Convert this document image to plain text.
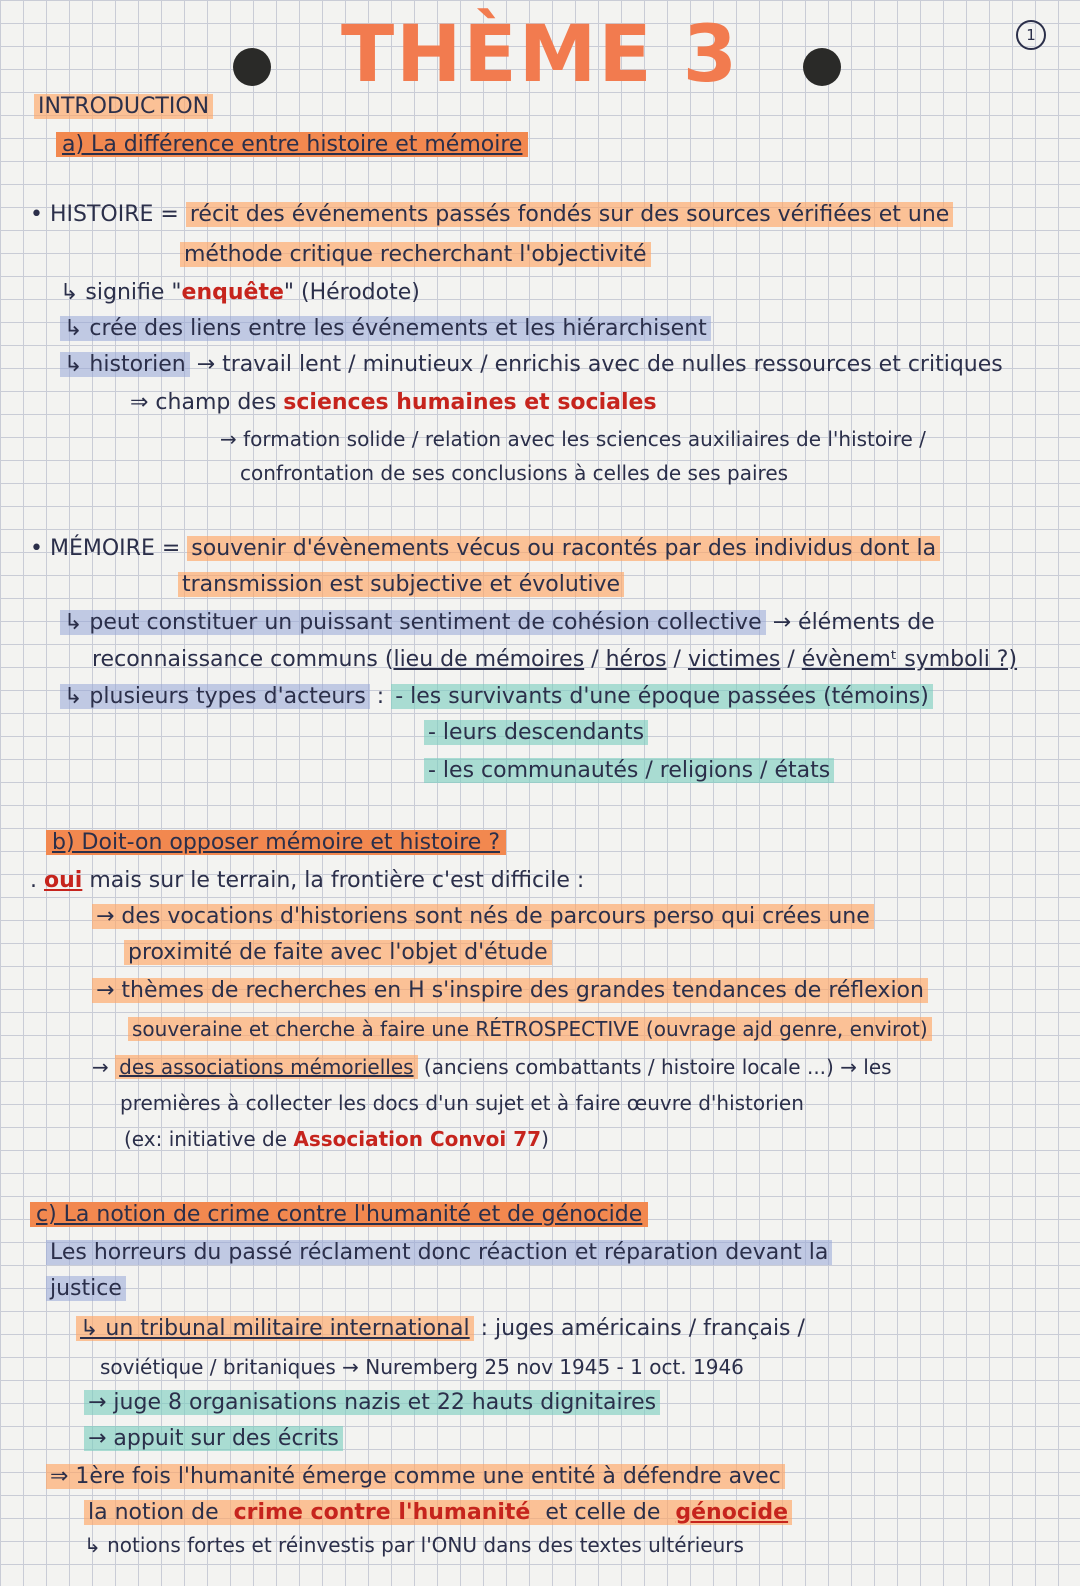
THÈME 3	1
INTRODUCTION
a) La différence entre histoire et mémoire
• HISTOIRE = récit des événements passés fondés sur des sources vérifiées et une
méthode critique recherchant l'objectivité
↳ signifie "enquête" (Hérodote)
↳ crée des liens entre les événements et les hiérarchisent
↳ historien → travail lent / minutieux / enrichis avec de nulles ressources et critiques
⇒ champ des sciences humaines et sociales
→ formation solide / relation avec les sciences auxiliaires de l'histoire /
confrontation de ses conclusions à celles de ses paires
• MÉMOIRE = souvenir d'évènements vécus ou racontés par des individus dont la
transmission est subjective et évolutive
↳ peut constituer un puissant sentiment de cohésion collective → éléments de
reconnaissance communs (lieu de mémoires / héros / victimes / évènemᵗ symboli ?)
↳ plusieurs types d'acteurs : - les survivants d'une époque passées (témoins)
- leurs descendants
- les communautés / religions / états
b) Doit-on opposer mémoire et histoire ?
. oui mais sur le terrain, la frontière c'est difficile :
→ des vocations d'historiens sont nés de parcours perso qui crées une
proximité de faite avec l'objet d'étude
→ thèmes de recherches en H s'inspire des grandes tendances de réflexion
souveraine et cherche à faire une RÉTROSPECTIVE (ouvrage ajd genre, envirot)
→ des associations mémorielles (anciens combattants / histoire locale ...) → les
premières à collecter les docs d'un sujet et à faire œuvre d'historien
(ex: initiative de Association Convoi 77)
c) La notion de crime contre l'humanité et de génocide
Les horreurs du passé réclament donc réaction et réparation devant la
justice
↳ un tribunal militaire international : juges américains / français /
soviétique / britaniques → Nuremberg 25 nov 1945 - 1 oct. 1946
→ juge 8 organisations nazis et 22 hauts dignitaires
→ appuit sur des écrits
⇒ 1ère fois l'humanité émerge comme une entité à défendre avec
la notion de crime contre l'humanité et celle de génocide
↳ notions fortes et réinvestis par l'ONU dans des textes ultérieurs
